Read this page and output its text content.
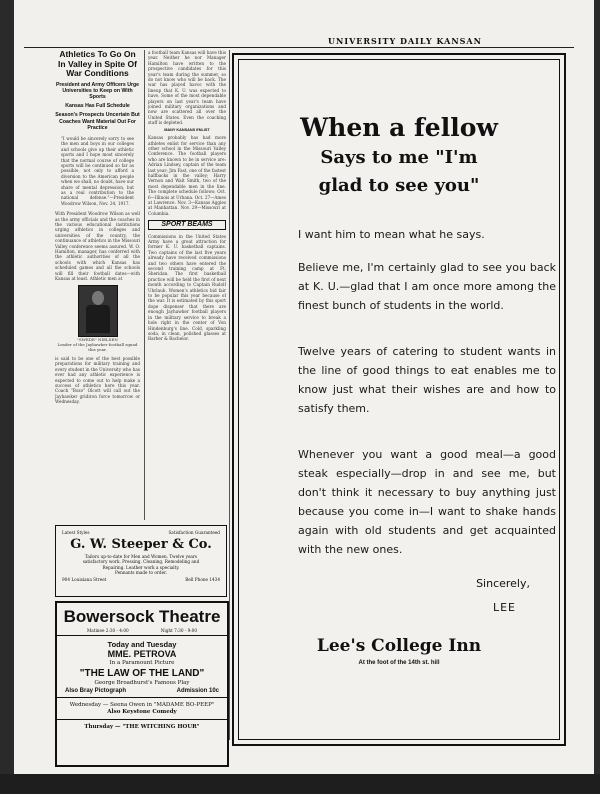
UNIVERSITY DAILY KANSAN
Athletics To Go On In Valley in Spite Of War Conditions
President and Army Officers Urge Universities to Keep on With Sports
Kansas Has Full Schedule
Season's Prospects Uncertain But Coaches Want Material Out For Practice
"I would be sincerely sorry to see the men and boys in our colleges and schools give up their athletic sports and I hope most sincerely that the normal course of college sports will be continued so far as possible, not only to afford a diversion to the American people when we shall, no doubt, have our share of mental depression, but as a real contribution to the national defense."—President Woodrow Wilson, Nov. 24, 1917.
With President Woodrow Wilson as well as the army officials and the coaches in the various educational institutions urging athletics in colleges and universities of the country, the continuance of athletics in the Missouri Valley conference seems assured. W. O. Hamilton, manager, has conferred with the athletic authorities of all the schools with which Kansas has scheduled games and all the schools will fill their football dates—with Kansas at least. Athletic men at
"SWEDE" NIELSEN
Leader of the Jayhawker football squad this year.
is said to be one of the best possible preparations for military training and every student in the University who has ever had any athletic experience is expected to come out to help make a success of athletics here this year. Coach "Bozo" Olcott will call out the Jayhawker gridiron force tomorrow or Wednesday.
a football team Kansas will have this year. Neither he nor Manager Hamilton have written to the prospective candidates for this year's team during the summer, so do not know who will be back. The war has played havoc with the lineup that K. U. was expected to have. Some of the most dependable players on last year's team have joined military organizations and now are scattered all over the United States. Even the coaching staff is depleted.
MANY KANSANS ENLIST
Kansas probably has had more athletes enlist for service than any other school in the Missouri Valley Conference. The football players who are known to be in service are: Adrian Lindsey, captain of the team last year; Jim Fast, one of the fastest halfbacks in the valley; Harry Vernon and Walt Smith, two of the most dependable men in the line. The complete schedule follows: Oct. 6—Illinois at Urbana. Oct. 27—Ames at Lawrence. Nov. 3—Kansas Aggies at Manhattan. Nov. 29—Missouri at Columbia.
SPORT BEAMS
Commissions in the United States Army have a great attraction for former K. U. basketball captains. Two captains of the last five years already have received commissions and two others have entered the second training camp at Ft. Sheridan. The first basketball practice will be held the first of next month according to Captain Rudolf Uhrlaub. Women's athletics bid fair to be popular this year because of the war. It is estimated by this sport dope dispenser that there are enough Jayhawker football players in the military service to break a hole right in the center of Von Hindenburg's line. Cold, sparkling soda, in clean, polished glasses at Barber & Bachelor.
Latest Styles	Satisfaction Guaranteed
G. W. Steeper & Co.
Tailors up-to-date for Men and Women. Twelve years satisfactory work. Pressing, Cleaning, Remodeling and Repairing. Leather work a specialty.
Pennants made to order.
904 Louisiana Street	Bell Phone 1434
Bowersock Theatre
Matinee 2:30 - 4:00	Night 7:30 - 9:00
Today and Tuesday
MME. PETROVA
In a Paramount Picture
"THE LAW OF THE LAND"
George Broadhurst's Famous Play
Also Bray Pictograph	Admission 10c
Wednesday — Seena Owen in "MADAME BO-PEEP"
Also Keystone Comedy
Thursday — "THE WITCHING HOUR"
When a fellow
Says to me "I'm
glad to see you"
I want him to mean what he says.
Believe me, I'm certainly glad to see you back at K. U.—glad that I am once more among the finest bunch of students in the world.
Twelve years of catering to student wants in the line of good things to eat enables me to know just what their wishes are and how to satisfy them.
Whenever you want a good meal—a good steak especially—drop in and see me, but don't think it necessary to buy anything just because you come in—I want to shake hands again with old students and get acquainted with the new ones.
Sincerely,
LEE
Lee's College Inn
At the foot of the 14th st. hill
